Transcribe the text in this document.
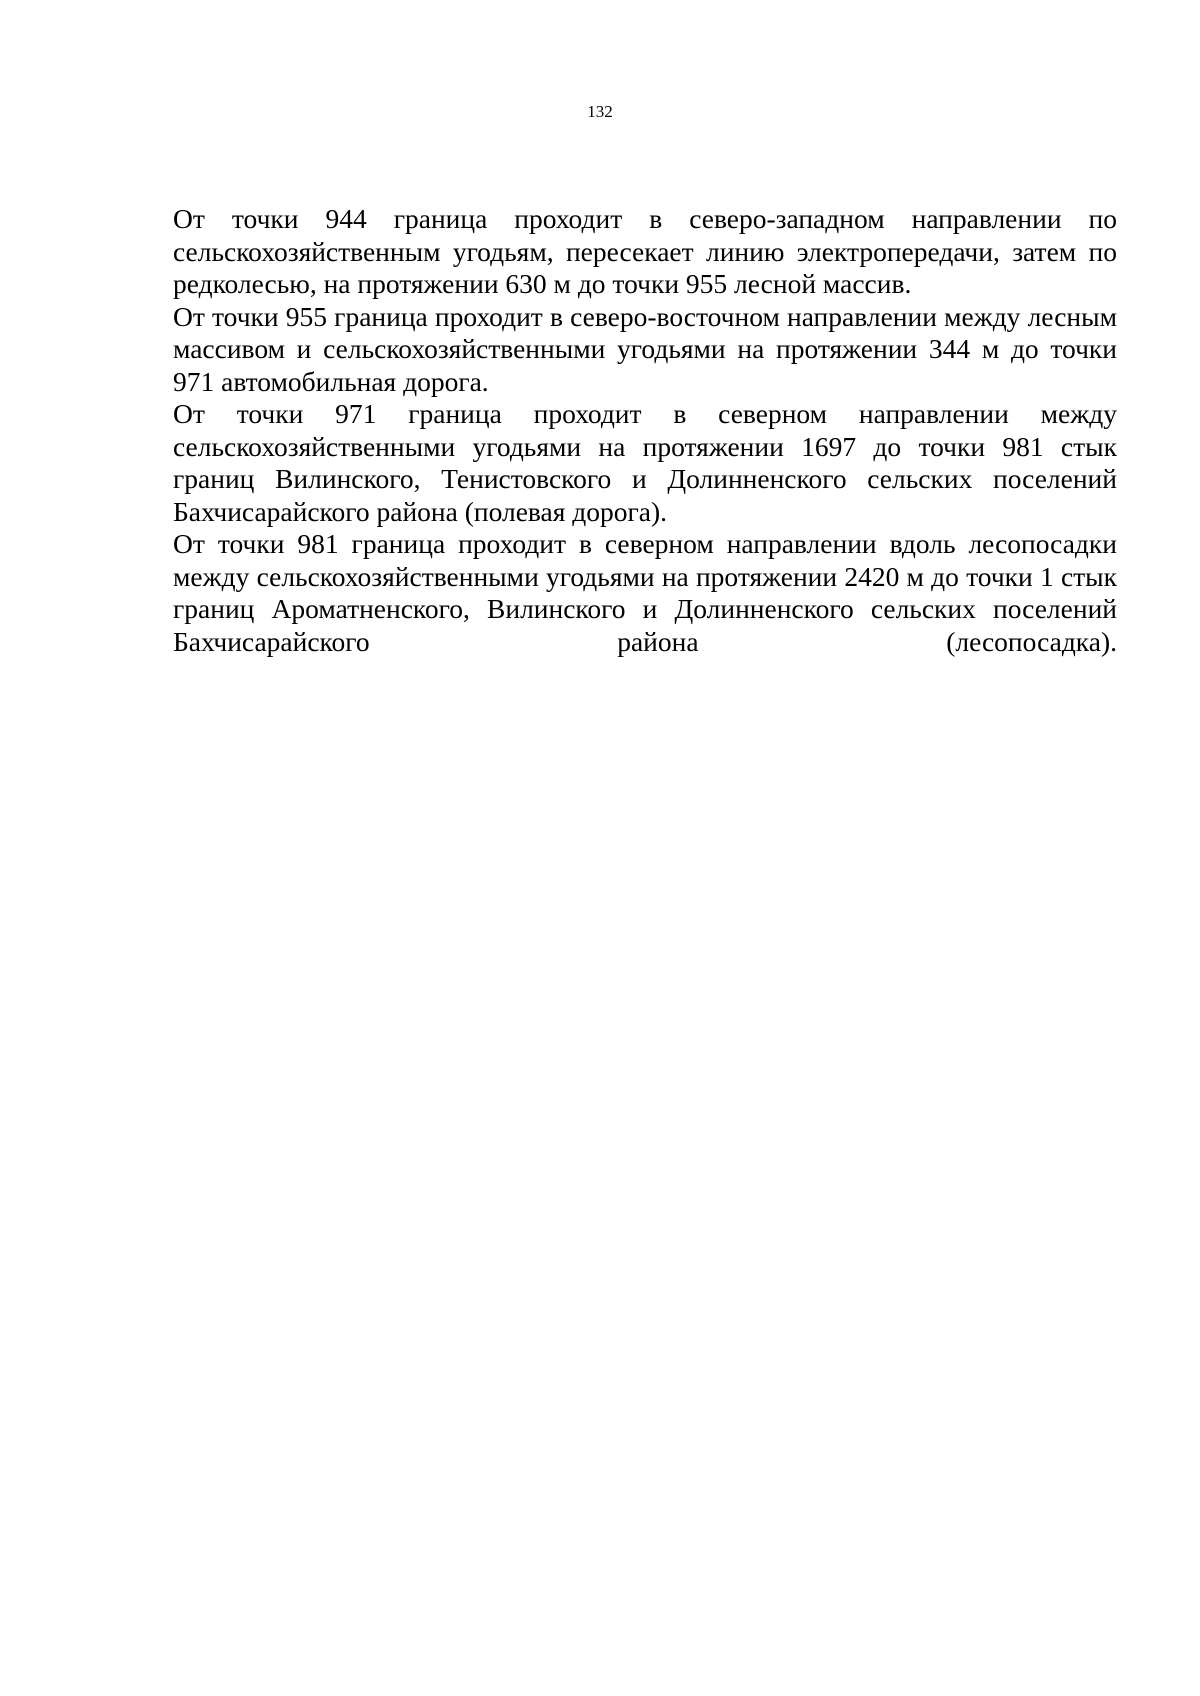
132

От точки 944 граница проходит в северо-западном направлении по сельскохозяйственным угодьям, пересекает линию электропередачи, затем по редколесью, на протяжении 630 м до точки 955 лесной массив.

От точки 955 граница проходит в северо-восточном направлении между лесным массивом и сельскохозяйственными угодьями на протяжении 344 м до точки 971 автомобильная дорога.

От точки 971 граница проходит в северном направлении между сельскохозяйственными угодьями на протяжении 1697 до точки 981 стык границ Вилинского, Тенистовского и Долинненского сельских поселений Бахчисарайского района (полевая дорога).

От точки 981 граница проходит в северном направлении вдоль лесопосадки между сельскохозяйственными угодьями на протяжении 2420 м до точки 1 стык границ Ароматненского, Вилинского и Долинненского сельских поселений Бахчисарайского района (лесопосадка).
